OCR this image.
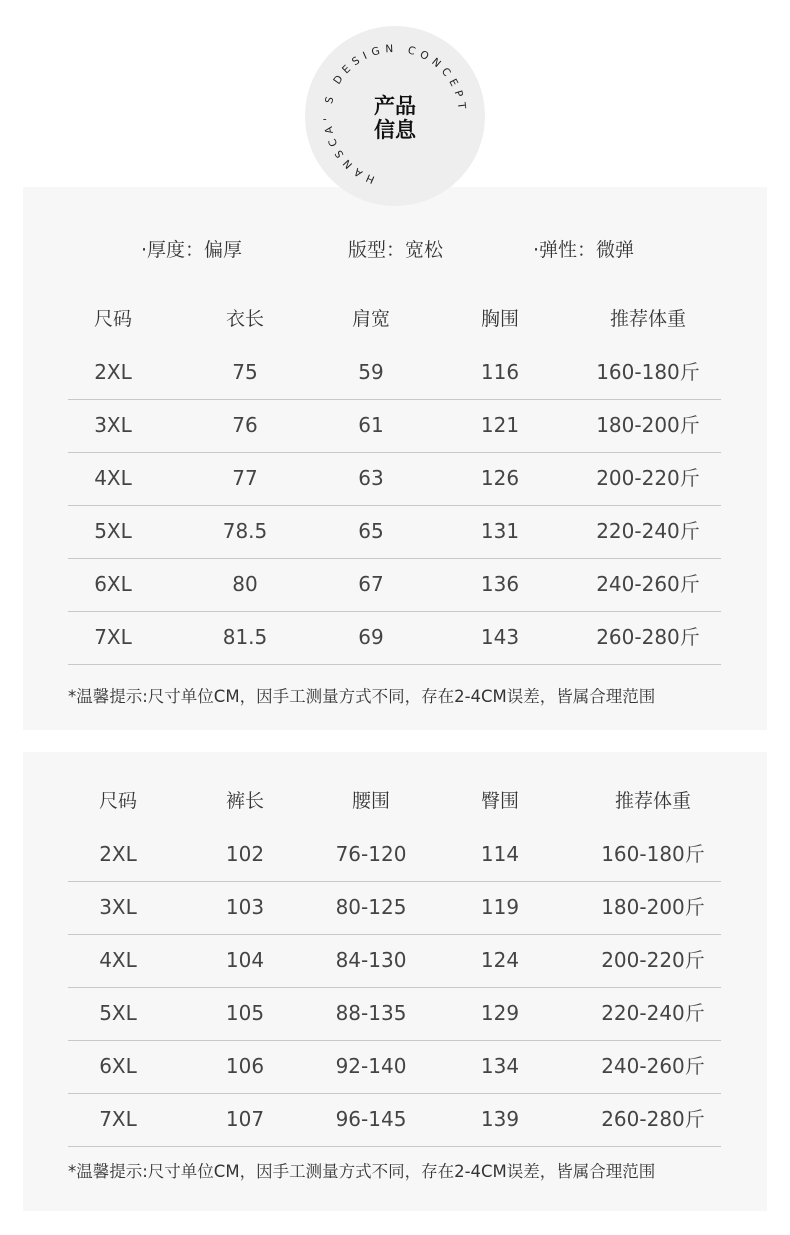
HANSCA' S DESIGN CONCEPT
产品
信息
·厚度：偏厚	版型：宽松	·弹性：微弹
尺码	衣长	肩宽	胸围	推荐体重
2XL	75	59	116	160-180斤
3XL	76	61	121	180-200斤
4XL	77	63	126	200-220斤
5XL	78.5	65	131	220-240斤
6XL	80	67	136	240-260斤
7XL	81.5	69	143	260-280斤
*温馨提示:尺寸单位CM，因手工测量方式不同，存在2-4CM误差，皆属合理范围
尺码	裤长	腰围	臀围	推荐体重
2XL	102	76-120	114	160-180斤
3XL	103	80-125	119	180-200斤
4XL	104	84-130	124	200-220斤
5XL	105	88-135	129	220-240斤
6XL	106	92-140	134	240-260斤
7XL	107	96-145	139	260-280斤
*温馨提示:尺寸单位CM，因手工测量方式不同，存在2-4CM误差，皆属合理范围
